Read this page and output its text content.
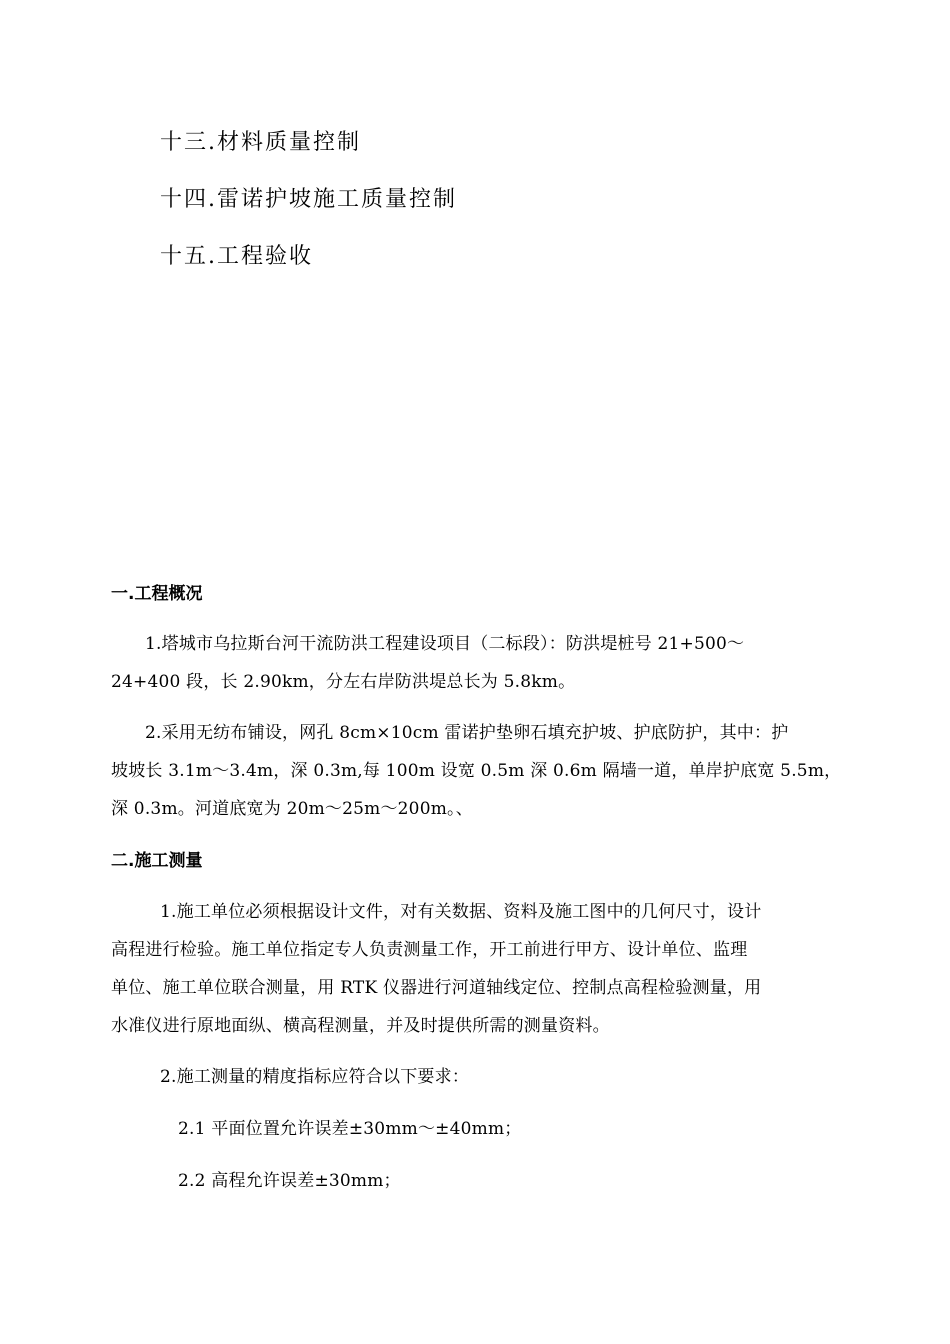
十三.材料质量控制

十四.雷诺护坡施工质量控制

十五.工程验收

一.工程概况

1.塔城市乌拉斯台河干流防洪工程建设项目（二标段）：防洪堤桩号 21+500～

24+400 段，长 2.90km，分左右岸防洪堤总长为 5.8km。

2.采用无纺布铺设，网孔 8cm×10cm 雷诺护垫卵石填充护坡、护底防护，其中：护

坡坡长 3.1m～3.4m，深 0.3m,每 100m 设宽 0.5m 深 0.6m 隔墙一道，单岸护底宽 5.5m，

深 0.3m。河道底宽为 20m～25m～200m。、

二.施工测量

1.施工单位必须根据设计文件，对有关数据、资料及施工图中的几何尺寸，设计

高程进行检验。施工单位指定专人负责测量工作，开工前进行甲方、设计单位、监理

单位、施工单位联合测量，用 RTK 仪器进行河道轴线定位、控制点高程检验测量，用

水准仪进行原地面纵、横高程测量，并及时提供所需的测量资料。

2.施工测量的精度指标应符合以下要求：

2.1 平面位置允许误差±30mm～±40mm；

2.2 高程允许误差±30mm；
